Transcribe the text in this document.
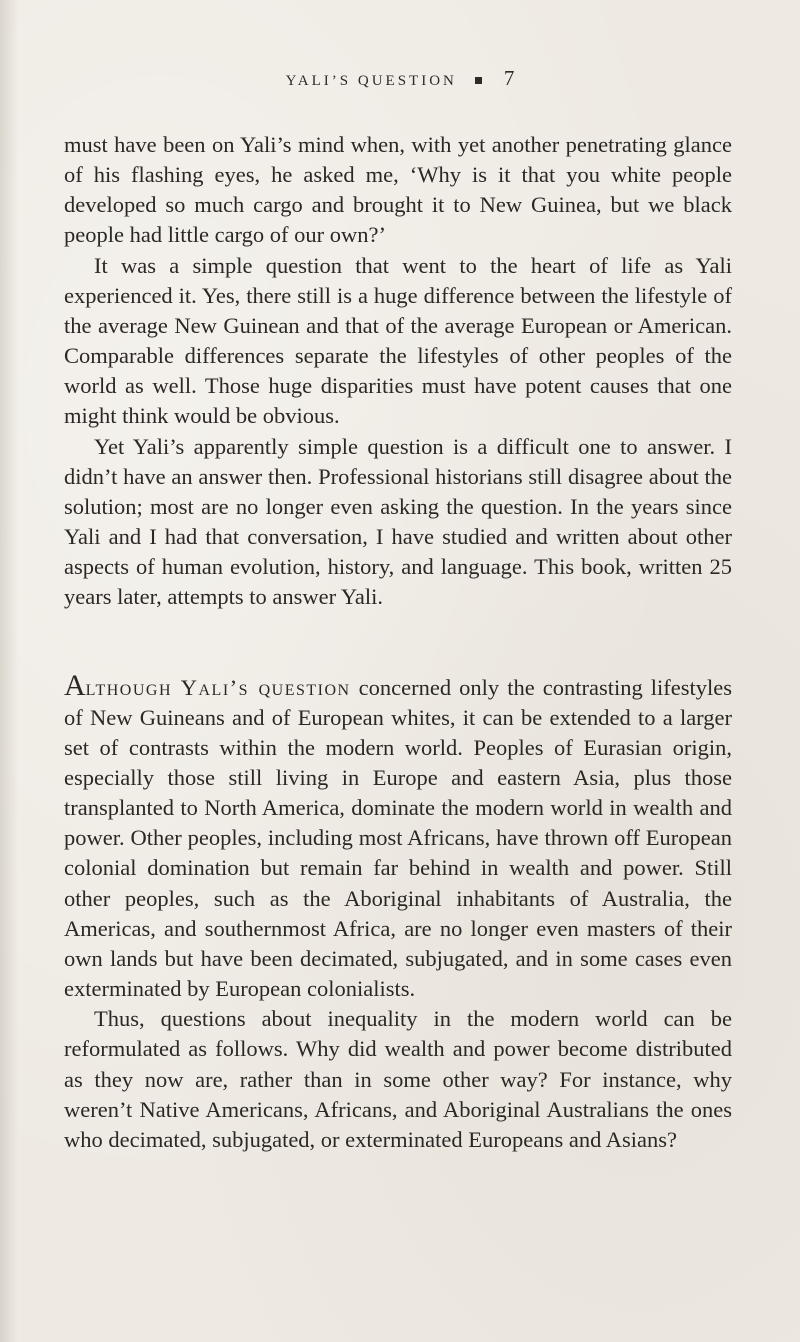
YALI’S QUESTION 7

must have been on Yali’s mind when, with yet another penetrating glance of his flashing eyes, he asked me, ‘Why is it that you white people developed so much cargo and brought it to New Guinea, but we black people had little cargo of our own?’

It was a simple question that went to the heart of life as Yali experienced it. Yes, there still is a huge difference between the lifestyle of the average New Guinean and that of the average European or American. Comparable differences separate the lifestyles of other peoples of the world as well. Those huge disparities must have potent causes that one might think would be obvious.

Yet Yali’s apparently simple question is a difficult one to answer. I didn’t have an answer then. Professional historians still disagree about the solution; most are no longer even asking the question. In the years since Yali and I had that conversation, I have studied and written about other aspects of human evolution, history, and language. This book, written 25 years later, attempts to answer Yali.

Although Yali’s question concerned only the contrasting lifestyles of New Guineans and of European whites, it can be extended to a larger set of contrasts within the modern world. Peoples of Eurasian origin, especially those still living in Europe and eastern Asia, plus those transplanted to North America, dominate the modern world in wealth and power. Other peoples, including most Africans, have thrown off European colonial domination but remain far behind in wealth and power. Still other peoples, such as the Aboriginal inhabitants of Australia, the Americas, and southernmost Africa, are no longer even masters of their own lands but have been decimated, subjugated, and in some cases even exterminated by European colonialists.

Thus, questions about inequality in the modern world can be reformulated as follows. Why did wealth and power become distributed as they now are, rather than in some other way? For instance, why weren’t Native Americans, Africans, and Aboriginal Australians the ones who decimated, subjugated, or exterminated Europeans and Asians?
